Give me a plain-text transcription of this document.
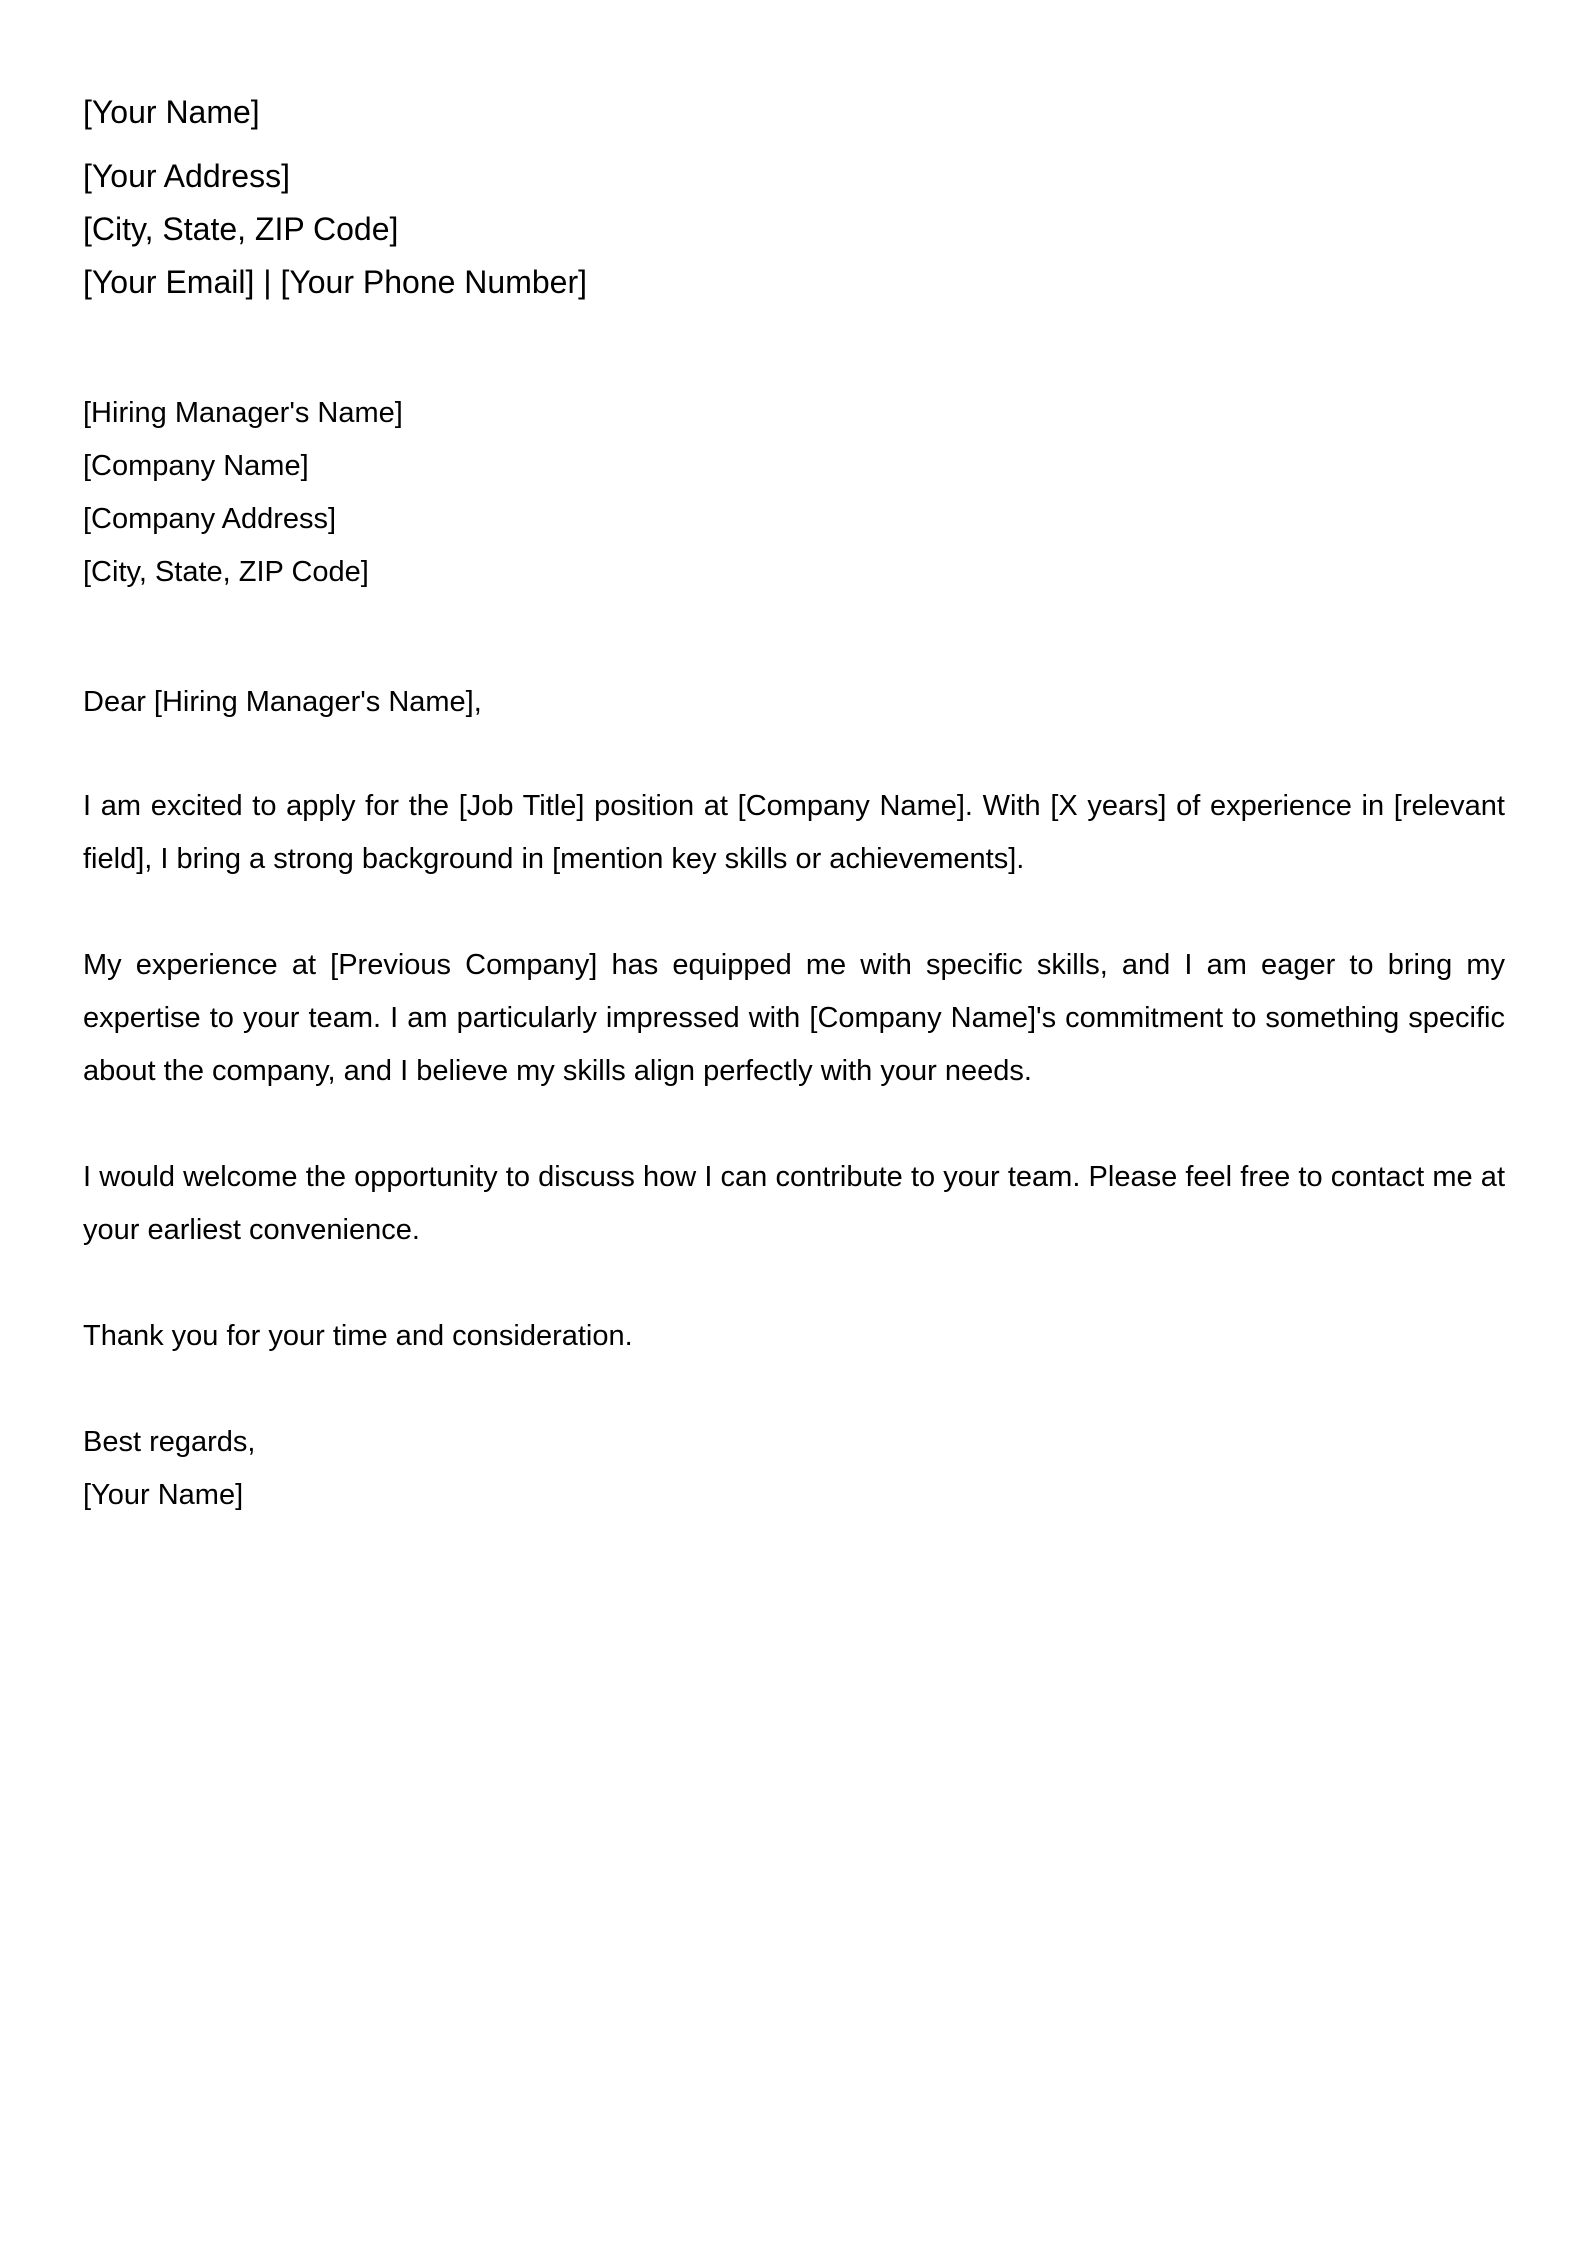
[Your Name]
[Your Address]
[City, State, ZIP Code]
[Your Email] | [Your Phone Number]
[Hiring Manager's Name]
[Company Name]
[Company Address]
[City, State, ZIP Code]
Dear [Hiring Manager's Name],
I am excited to apply for the [Job Title] position at [Company Name]. With [X years] of experience in [relevant field], I bring a strong background in [mention key skills or achievements].
My experience at [Previous Company] has equipped me with specific skills, and I am eager to bring my expertise to your team. I am particularly impressed with [Company Name]'s commitment to something specific about the company, and I believe my skills align perfectly with your needs.
I would welcome the opportunity to discuss how I can contribute to your team. Please feel free to contact me at your earliest convenience.
Thank you for your time and consideration.
Best regards,
[Your Name]
